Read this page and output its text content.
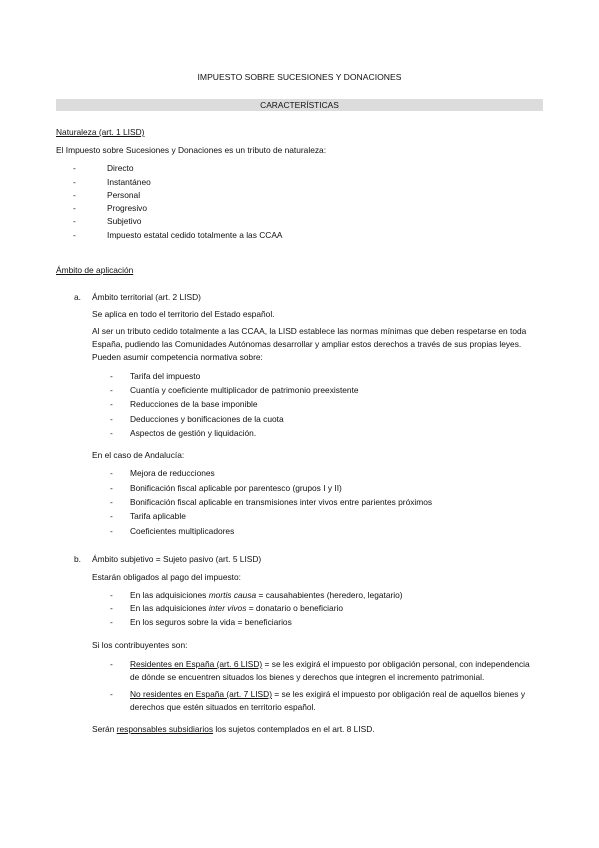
IMPUESTO SOBRE SUCESIONES Y DONACIONES
CARACTERÍSTICAS
Naturaleza (art. 1 LISD)
El Impuesto sobre Sucesiones y Donaciones es un tributo de naturaleza:
-	Directo
-	Instantáneo
-	Personal
-	Progresivo
-	Subjetivo
-	Impuesto estatal cedido totalmente a las CCAA
Ámbito de aplicación
a. Ámbito territorial (art. 2 LISD)
Se aplica en todo el territorio del Estado español.
Al ser un tributo cedido totalmente a las CCAA, la LISD establece las normas mínimas que deben respetarse en toda
España, pudiendo las Comunidades Autónomas desarrollar y ampliar estos derechos a través de sus propias leyes.
Pueden asumir competencia normativa sobre:
- Tarifa del impuesto
- Cuantía y coeficiente multiplicador de patrimonio preexistente
- Reducciones de la base imponible
- Deducciones y bonificaciones de la cuota
- Aspectos de gestión y liquidación.
En el caso de Andalucía:
- Mejora de reducciones
- Bonificación fiscal aplicable por parentesco (grupos I y II)
- Bonificación fiscal aplicable en transmisiones inter vivos entre parientes próximos
- Tarifa aplicable
- Coeficientes multiplicadores
b. Ámbito subjetivo = Sujeto pasivo (art. 5 LISD)
Estarán obligados al pago del impuesto:
- En las adquisiciones mortis causa = causahabientes (heredero, legatario)
- En las adquisiciones inter vivos = donatario o beneficiario
- En los seguros sobre la vida = beneficiarios
Si los contribuyentes son:
- Residentes en España (art. 6 LISD) = se les exigirá el impuesto por obligación personal, con independencia
de dónde se encuentren situados los bienes y derechos que integren el incremento patrimonial.
- No residentes en España (art. 7 LISD) = se les exigirá el impuesto por obligación real de aquellos bienes y
derechos que estén situados en territorio español.
Serán responsables subsidiarios los sujetos contemplados en el art. 8 LISD.
